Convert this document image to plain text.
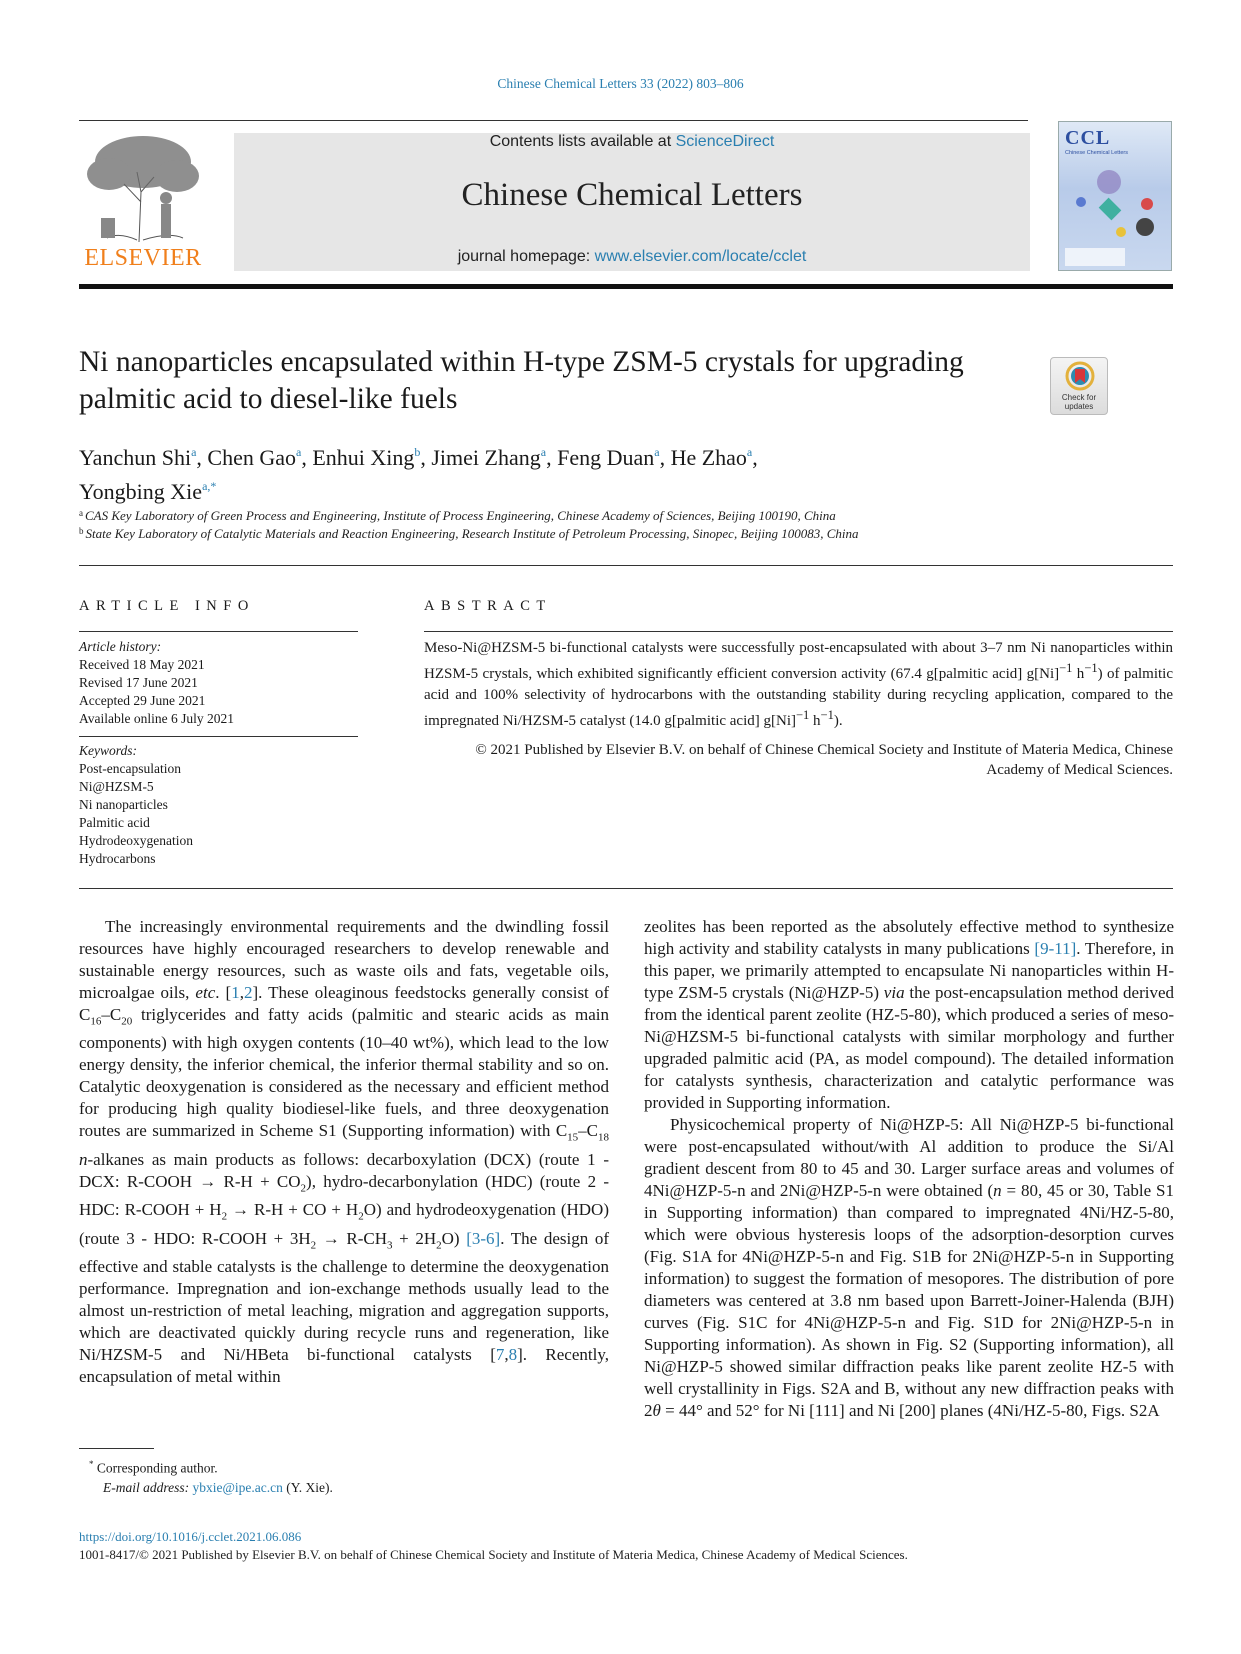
Chinese Chemical Letters 33 (2022) 803–806
ELSEVIER
Contents lists available at ScienceDirect
Chinese Chemical Letters
journal homepage: www.elsevier.com/locate/cclet
CCL
Chinese Chemical Letters
Ni nanoparticles encapsulated within H-type ZSM-5 crystals for upgrading palmitic acid to diesel-like fuels	Check for updates
Yanchun Shi$^a$, Chen Gao$^a$, Enhui Xing$^b$, Jimei Zhang$^a$, Feng Duan$^a$, He Zhao$^a$,
Yongbing Xie$^{a,*}$
$^a$ CAS Key Laboratory of Green Process and Engineering, Institute of Process Engineering, Chinese Academy of Sciences, Beijing 100190, China
$^b$ State Key Laboratory of Catalytic Materials and Reaction Engineering, Research Institute of Petroleum Processing, Sinopec, Beijing 100083, China
ARTICLE INFO	ABSTRACT
Article history:
Received 18 May 2021
Revised 17 June 2021
Accepted 29 June 2021
Available online 6 July 2021
Keywords:
Post-encapsulation
Ni@HZSM-5
Ni nanoparticles
Palmitic acid
Hydrodeoxygenation
Hydrocarbons
Meso-Ni@HZSM-5 bi-functional catalysts were successfully post-encapsulated with about 3–7 nm Ni nanoparticles within HZSM-5 crystals, which exhibited significantly efficient conversion activity (67.4 g[palmitic acid] $g[Ni]^{-1}$ $h^{-1}$) of palmitic acid and 100% selectivity of hydrocarbons with the outstanding stability during recycling application, compared to the impregnated Ni/HZSM-5 catalyst (14.0 g[palmitic acid] $g[Ni]^{-1}$ $h^{-1}$).
© 2021 Published by Elsevier B.V. on behalf of Chinese Chemical Society and Institute of Materia Medica, Chinese Academy of Medical Sciences.

The increasingly environmental requirements and the dwindling fossil resources have highly encouraged researchers to develop renewable and sustainable energy resources, such as waste oils and fats, vegetable oils, microalgae oils, etc. [1,2]. These oleaginous feedstocks generally consist of $C_{16}-C_{20}$ triglycerides and fatty acids (palmitic and stearic acids as main components) with high oxygen contents (10–40 wt%), which lead to the low energy density, the inferior chemical, the inferior thermal stability and so on. Catalytic deoxygenation is considered as the necessary and efficient method for producing high quality biodiesel-like fuels, and three deoxygenation routes are summarized in Scheme S1 (Supporting information) with $C_{15}-C_{18}$ n-alkanes as main products as follows: decarboxylation (DCX) (route 1 - DCX: R-COOH → $R-H + CO_2$), hydro-decarbonylation (HDC) (route 2 - HDC: R-COOH + $H_2 \to R-H$ + CO + $H_2O$) and hydrodeoxygenation (HDO) (route 3 - HDO: R-COOH + $3H_2 \to R-CH_3 + 2H_2O$) [3-6]. The design of effective and stable catalysts is the challenge to determine the deoxygenation performance. Impregnation and ion-exchange methods usually lead to the almost un-restriction of metal leaching, migration and aggregation supports, which are deactivated quickly during recycle runs and regeneration, like Ni/HZSM-5 and Ni/HBeta bi-functional catalysts [7,8]. Recently, encapsulation of metal within

zeolites has been reported as the absolutely effective method to synthesize high activity and stability catalysts in many publications [9-11]. Therefore, in this paper, we primarily attempted to encapsulate Ni nanoparticles within H-type ZSM-5 crystals (Ni@HZP-5) via the post-encapsulation method derived from the identical parent zeolite (HZ-5-80), which produced a series of meso-Ni@HZSM-5 bi-functional catalysts with similar morphology and further upgraded palmitic acid (PA, as model compound). The detailed information for catalysts synthesis, characterization and catalytic performance was provided in Supporting information.

Physicochemical property of Ni@HZP-5: All Ni@HZP-5 bi-functional were post-encapsulated without/with Al addition to produce the Si/Al gradient descent from 80 to 45 and 30. Larger surface areas and volumes of 4Ni@HZP-5-n and 2Ni@HZP-5-n were obtained (n = 80, 45 or 30, Table S1 in Supporting information) than compared to impregnated 4Ni/HZ-5-80, which were obvious hysteresis loops of the adsorption-desorption curves (Fig. S1A for 4Ni@HZP-5-n and Fig. S1B for 2Ni@HZP-5-n in Supporting information) to suggest the formation of mesopores. The distribution of pore diameters was centered at 3.8 nm based upon Barrett-Joiner-Halenda (BJH) curves (Fig. S1C for 4Ni@HZP-5-n and Fig. S1D for 2Ni@HZP-5-n in Supporting information). As shown in Fig. S2 (Supporting information), all Ni@HZP-5 showed similar diffraction peaks like parent zeolite HZ-5 with well crystallinity in Figs. S2A and B, without any new diffraction peaks with 2θ = 44° and 52° for Ni [111] and Ni [200] planes (4Ni/HZ-5-80, Figs. S2A

* Corresponding author.
E-mail address: ybxie@ipe.ac.cn (Y. Xie).
https://doi.org/10.1016/j.cclet.2021.06.086
1001-8417/© 2021 Published by Elsevier B.V. on behalf of Chinese Chemical Society and Institute of Materia Medica, Chinese Academy of Medical Sciences.
